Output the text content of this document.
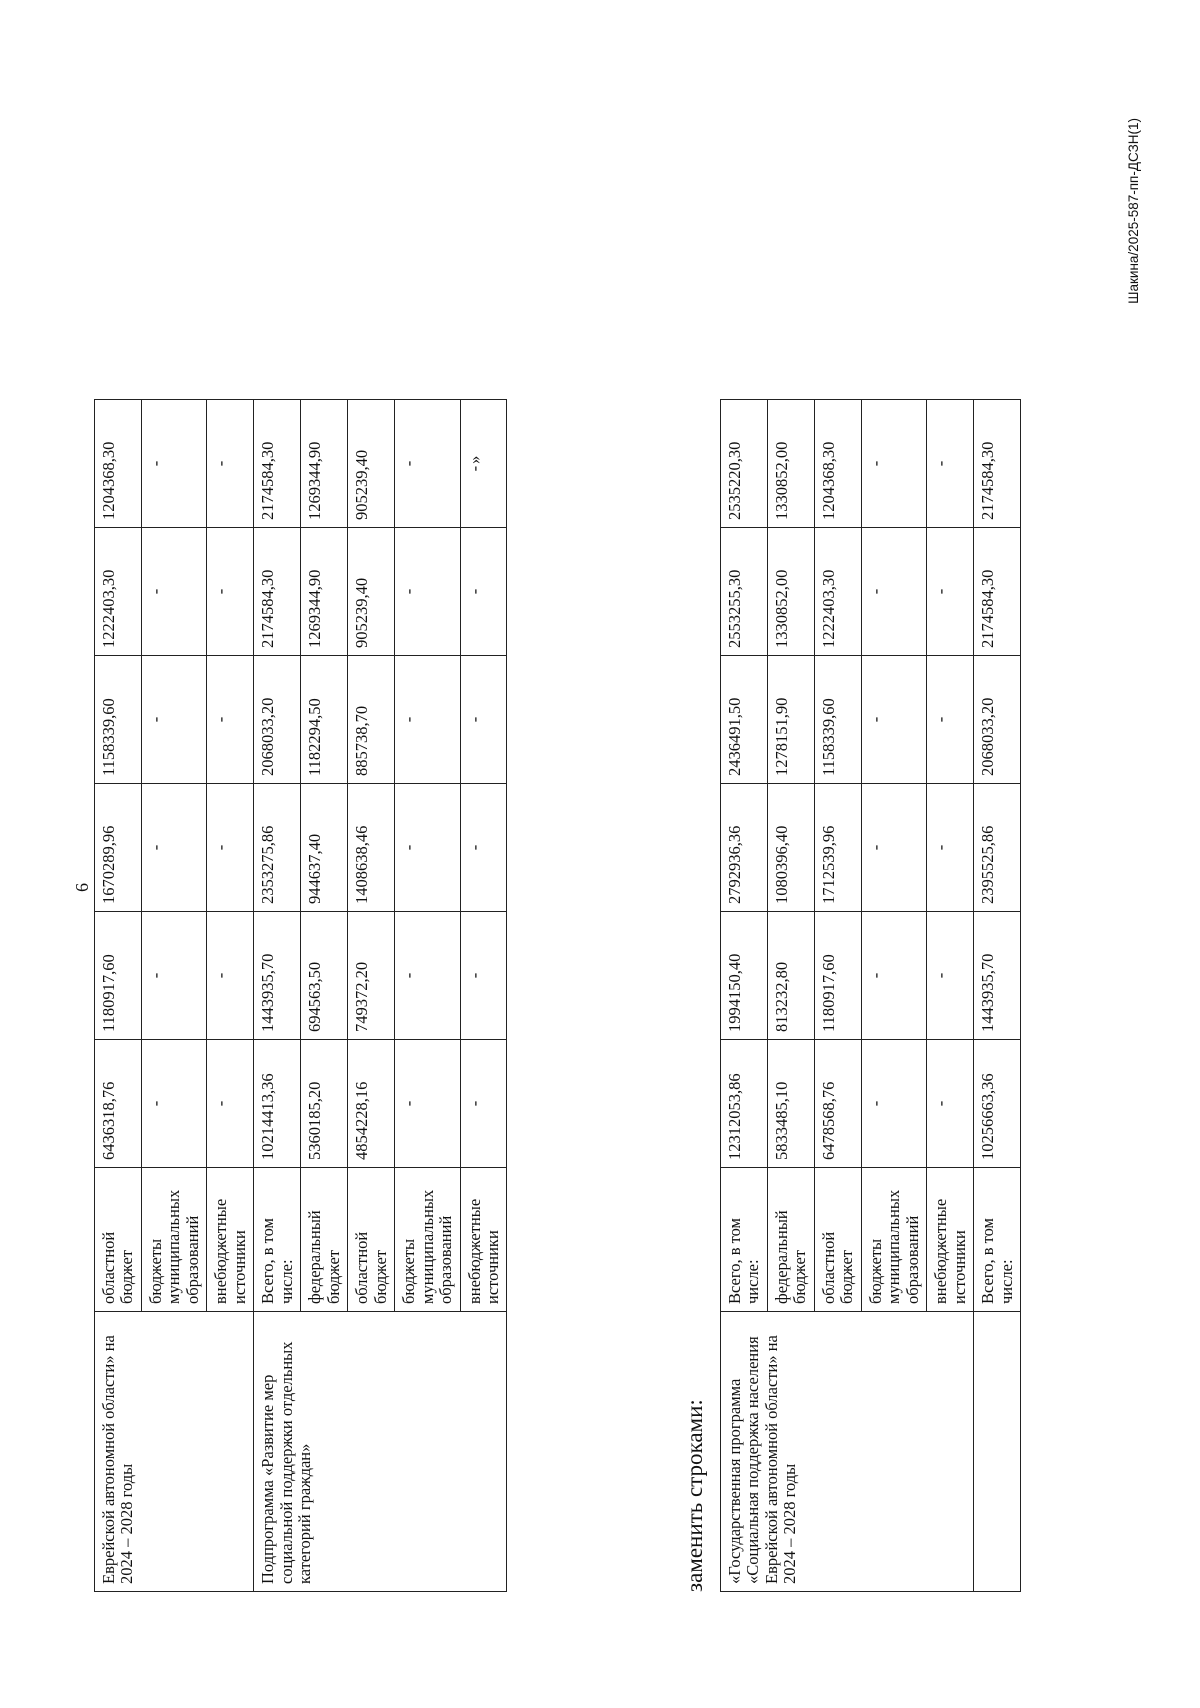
6
Еврейской автономной области» на 2024 – 2028 годы	областной бюджет	6436318,76	1180917,60	1670289,96	1158339,60	1222403,30	1204368,30
	бюджеты муниципальных образований	-	-	-	-	-	-
	внебюджетные источники	-	-	-	-	-	-
Подпрограмма «Развитие мер социальной поддержки отдельных категорий граждан»	Всего, в том числе:	10214413,36	1443935,70	2353275,86	2068033,20	2174584,30	2174584,30
	федеральный бюджет	5360185,20	694563,50	944637,40	1182294,50	1269344,90	1269344,90
	областной бюджет	4854228,16	749372,20	1408638,46	885738,70	905239,40	905239,40
	бюджеты муниципальных образований	-	-	-	-	-	-
	внебюджетные источники	-	-	-	-	-	-»
заменить строками: «Государственная программа «Социальная поддержка населения Еврейской автономной области» на 2024 – 2028 годы	Всего, в том числе:	12312053,86	1994150,40	2792936,36	2436491,50	2553255,30	2535220,30
	федеральный бюджет	5833485,10	813232,80	1080396,40	1278151,90	1330852,00	1330852,00
	областной бюджет	6478568,76	1180917,60	1712539,96	1158339,60	1222403,30	1204368,30
	бюджеты муниципальных образований	-	-	-	-	-	-
	внебюджетные источники	-	-	-	-	-	-
	Всего, в том числе:	10256663,36	1443935,70	2395525,86	2068033,20	2174584,30	2174584,30
Шакина/2025-587-пп-ДСЗН(1)
